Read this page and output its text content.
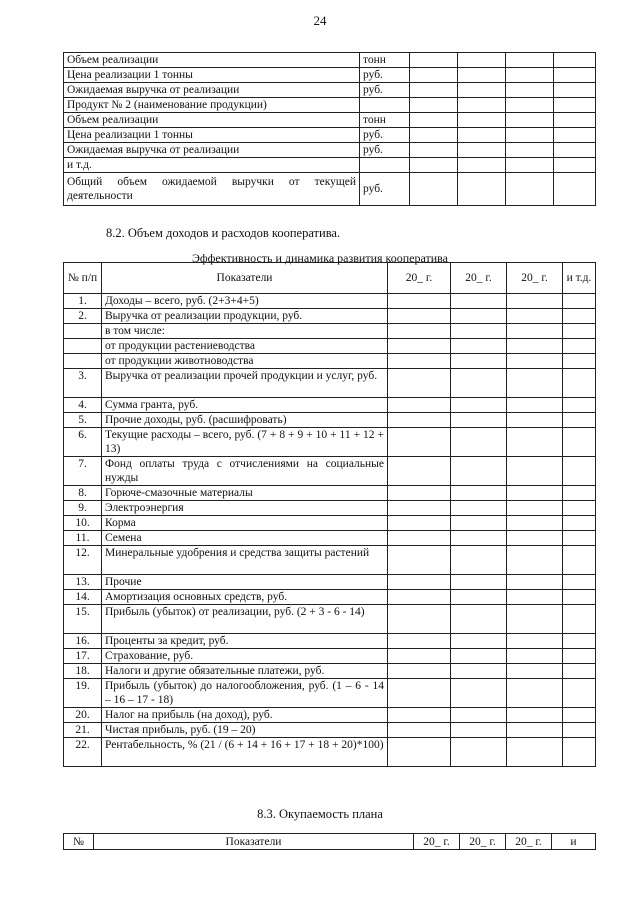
24
Объем реализации	тонн				
Цена реализации 1 тонны	руб.				
Ожидаемая выручка от реализации	руб.				
Продукт № 2 (наименование продукции)					
Объем реализации	тонн				
Цена реализации 1 тонны	руб.				
Ожидаемая выручка от реализации	руб.				
и т.д.					
Общий объем ожидаемой выручки от текущей деятельности	руб.				
8.2. Объем доходов и расходов кооператива.
Эффективность и динамика развития кооператива
№ п/п	Показатели	20_ г.	20_ г.	20_ г.	и т.д.
1.	Доходы – всего, руб. (2+3+4+5)				
2.	Выручка от реализации продукции, руб.				
	в том числе:				
	от продукции растениеводства				
	от продукции животноводства				
3.	Выручка от реализации прочей продукции и услуг, руб.				
4.	Сумма гранта, руб.				
5.	Прочие доходы, руб. (расшифровать)				
6.	Текущие расходы – всего, руб. (7 + 8 + 9 + 10 + 11 + 12 + 13)				
7.	Фонд оплаты труда с отчислениями на социальные нужды				
8.	Горюче-смазочные материалы				
9.	Электроэнергия				
10.	Корма				
11.	Семена				
12.	Минеральные удобрения и средства защиты растений				
13.	Прочие				
14.	Амортизация основных средств, руб.				
15.	Прибыль (убыток) от реализации, руб. (2 + 3 - 6 - 14)				
16.	Проценты за кредит, руб.				
17.	Страхование, руб.				
18.	Налоги и другие обязательные платежи, руб.				
19.	Прибыль (убыток) до налогообложения, руб. (1 – 6 - 14 – 16 – 17 - 18)				
20.	Налог на прибыль (на доход), руб.				
21.	Чистая прибыль, руб. (19 – 20)				
22.	Рентабельность, % (21 / (6 + 14 + 16 + 17 + 18 + 20)*100)				
8.3. Окупаемость плана
№	Показатели	20_ г.	20_ г.	20_ г.	и
